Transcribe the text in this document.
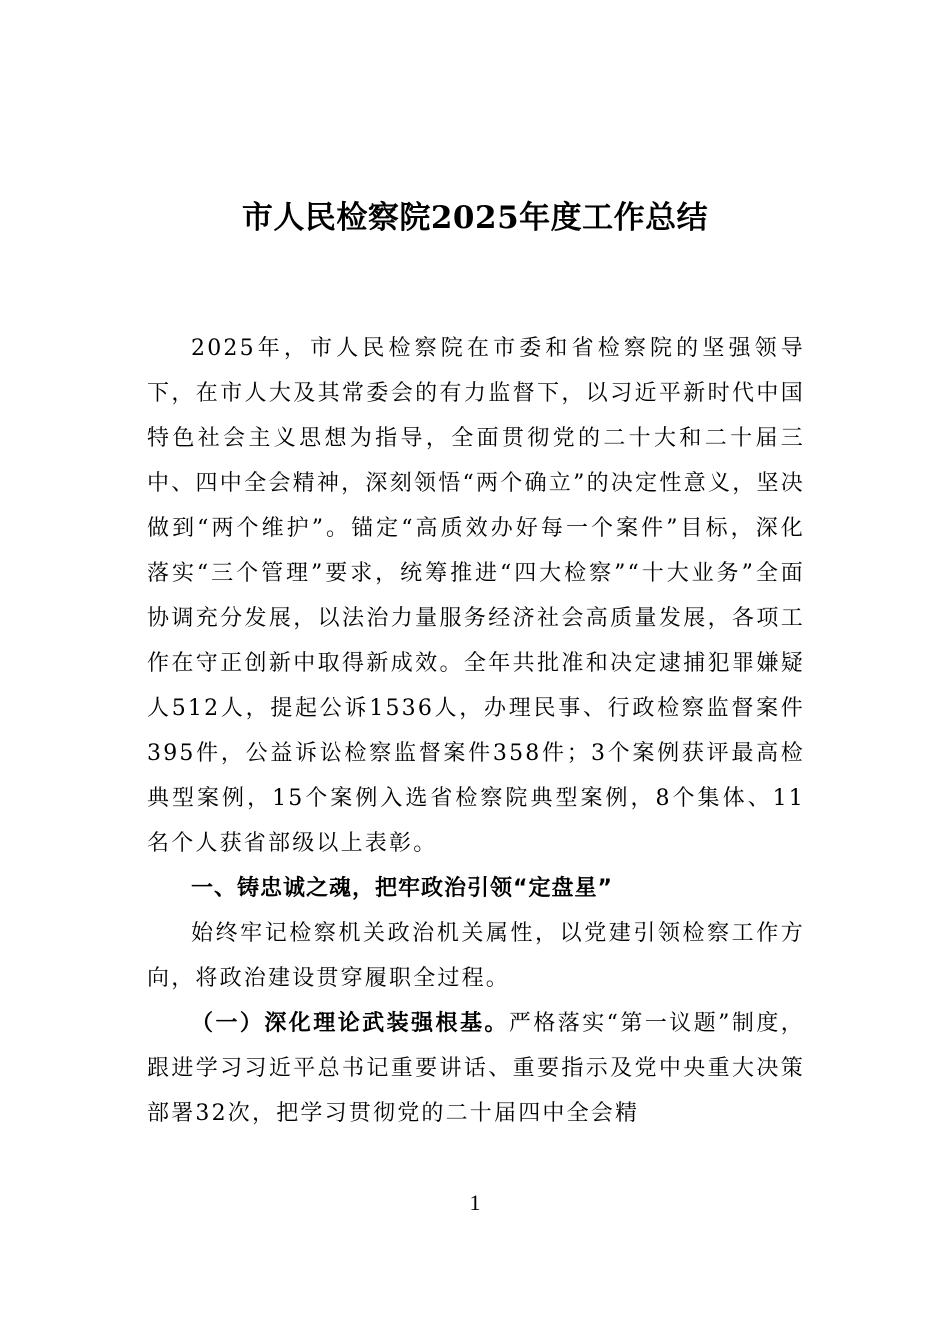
市人民检察院2025年度工作总结

2025年，市人民检察院在市委和省检察院的坚强领导下，在市人大及其常委会的有力监督下，以习近平新时代中国特色社会主义思想为指导，全面贯彻党的二十大和二十届三中、四中全会精神，深刻领悟“两个确立”的决定性意义，坚决做到“两个维护”。锚定“高质效办好每一个案件”目标，深化落实“三个管理”要求，统筹推进“四大检察”“十大业务”全面协调充分发展，以法治力量服务经济社会高质量发展，各项工作在守正创新中取得新成效。全年共批准和决定逮捕犯罪嫌疑人512人，提起公诉1536人，办理民事、行政检察监督案件395件，公益诉讼检察监督案件358件；3个案例获评最高检典型案例，15个案例入选省检察院典型案例，8个集体、11名个人获省部级以上表彰。

一、铸忠诚之魂，把牢政治引领“定盘星”

始终牢记检察机关政治机关属性，以党建引领检察工作方向，将政治建设贯穿履职全过程。

（一）深化理论武装强根基。严格落实“第一议题”制度，跟进学习习近平总书记重要讲话、重要指示及党中央重大决策部署32次，把学习贯彻党的二十届四中全会精

1
